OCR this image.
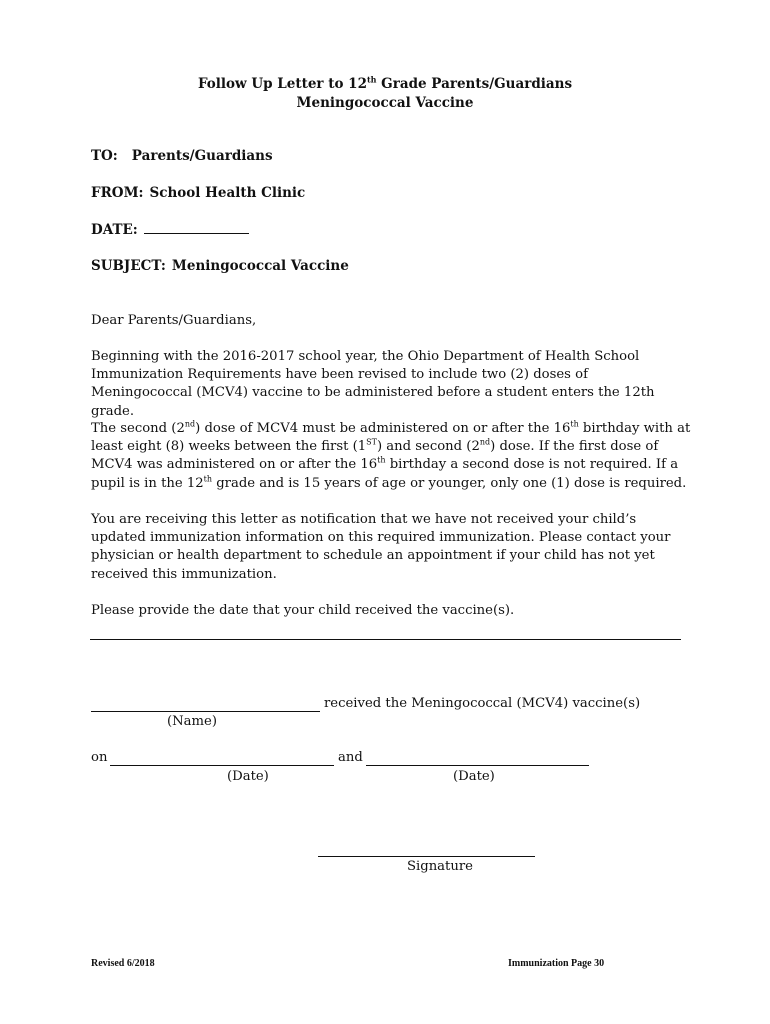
Follow Up Letter to 12th Grade Parents/Guardians
Meningococcal Vaccine
TO: Parents/Guardians
FROM: School Health Clinic
DATE:
SUBJECT: Meningococcal Vaccine
Dear Parents/Guardians,
Beginning with the 2016-2017 school year, the Ohio Department of Health School Immunization Requirements have been revised to include two (2) doses of Meningococcal (MCV4) vaccine to be administered before a student enters the 12th grade.
The second (2nd) dose of MCV4 must be administered on or after the 16th birthday with at least eight (8) weeks between the first (1ST) and second (2nd) dose. If the first dose of MCV4 was administered on or after the 16th birthday a second dose is not required. If a pupil is in the 12th grade and is 15 years of age or younger, only one (1) dose is required.
You are receiving this letter as notification that we have not received your child’s updated immunization information on this required immunization. Please contact your physician or health department to schedule an appointment if your child has not yet received this immunization.
Please provide the date that your child received the vaccine(s).
received the Meningococcal (MCV4) vaccine(s)
(Name)
on	and
(Date)	(Date)
Signature
Revised 6/2018	Immunization Page 30
